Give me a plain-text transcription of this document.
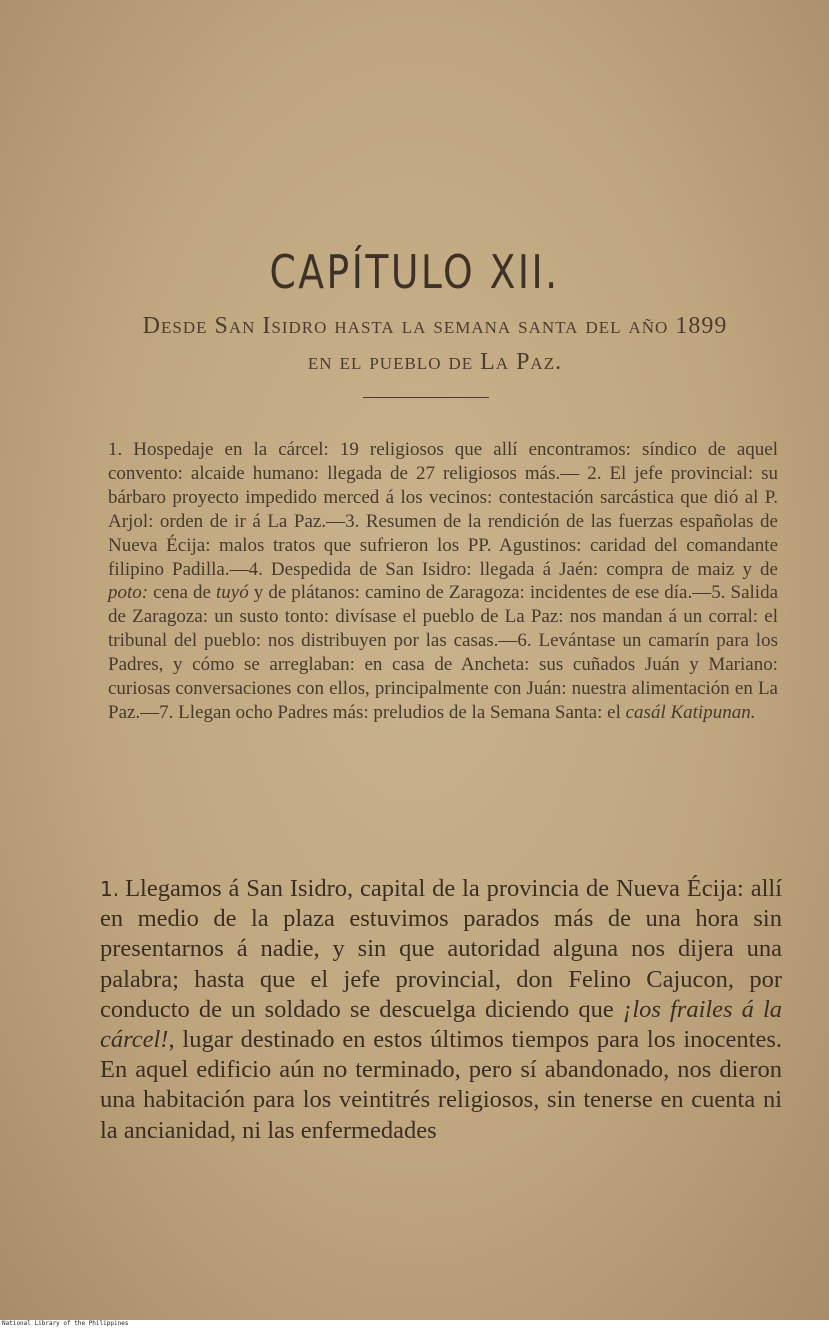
CAPÍTULO XII.
Desde San Isidro hasta la semana santa del año 1899
en el pueblo de La Paz.

1. Hospedaje en la cárcel: 19 religiosos que allí encontramos: síndico de aquel convento: alcaide humano: llegada de 27 religiosos más.— 2. El jefe provincial: su bárbaro proyecto impedido merced á los vecinos: contestación sarcástica que dió al P. Arjol: orden de ir á La Paz.—3. Resumen de la rendición de las fuerzas españolas de Nueva Écija: malos tratos que sufrieron los PP. Agustinos: caridad del comandante filipino Padilla.—4. Despedida de San Isidro: llegada á Jaén: compra de maiz y de poto: cena de tuyó y de plátanos: camino de Zaragoza: incidentes de ese día.—5. Salida de Zaragoza: un susto tonto: divísase el pueblo de La Paz: nos mandan á un corral: el tribunal del pueblo: nos distribuyen por las casas.—6. Levántase un camarín para los Padres, y cómo se arreglaban: en casa de Ancheta: sus cuñados Juán y Mariano: curiosas conversaciones con ellos, principalmente con Juán: nuestra alimentación en La Paz.—7. Llegan ocho Padres más: preludios de la Semana Santa: el casál Katipunan.

1. Llegamos á San Isidro, capital de la provincia de Nueva Écija: allí en medio de la plaza estuvimos parados más de una hora sin presentarnos á nadie, y sin que autoridad alguna nos dijera una palabra; hasta que el jefe provincial, don Felino Cajucon, por conducto de un soldado se descuelga diciendo que ¡los frailes á la cárcel!, lugar destinado en estos últimos tiempos para los inocentes. En aquel edificio aún no terminado, pero sí abandonado, nos dieron una habitación para los veintitrés religiosos, sin tenerse en cuenta ni la ancianidad, ni las enfermedades

National Library of the Philippines
